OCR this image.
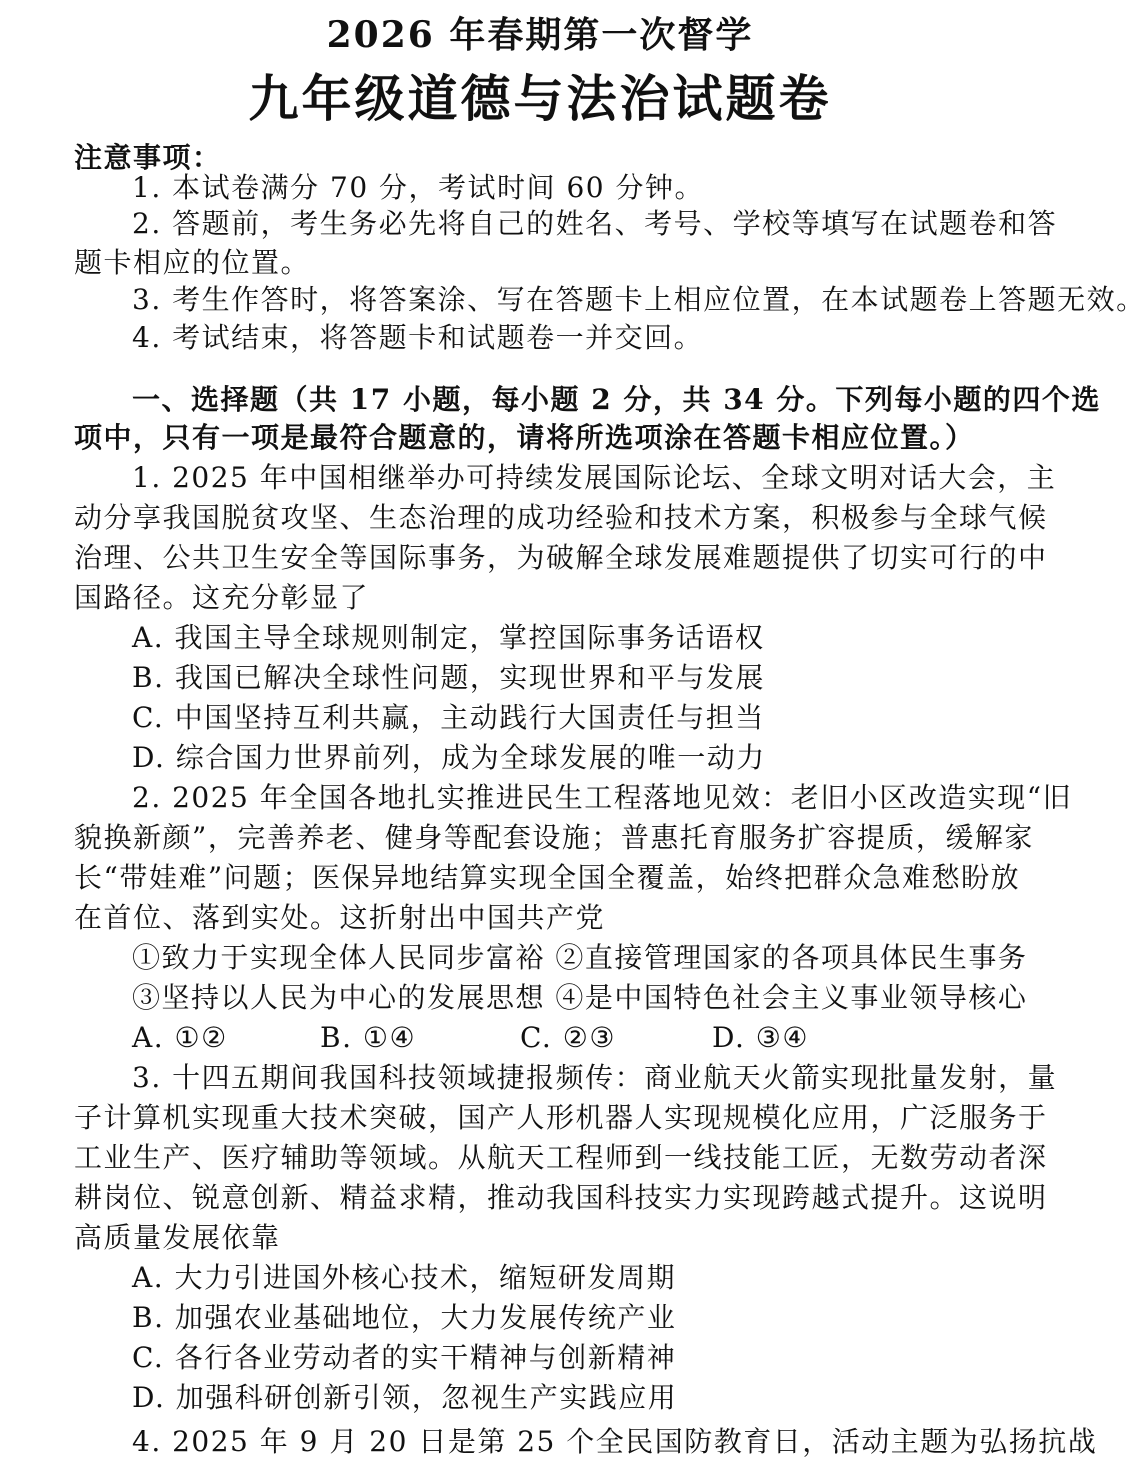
2026 年春期第一次督学
九年级道德与法治试题卷
注意事项：
1. 本试卷满分 70 分，考试时间 60 分钟。
2. 答题前，考生务必先将自己的姓名、考号、学校等填写在试题卷和答
题卡相应的位置。
3. 考生作答时，将答案涂、写在答题卡上相应位置，在本试题卷上答题无效。
4. 考试结束，将答题卡和试题卷一并交回。
一、选择题（共 17 小题，每小题 2 分，共 34 分。下列每小题的四个选
项中，只有一项是最符合题意的，请将所选项涂在答题卡相应位置。）
1. 2025 年中国相继举办可持续发展国际论坛、全球文明对话大会，主
动分享我国脱贫攻坚、生态治理的成功经验和技术方案，积极参与全球气候
治理、公共卫生安全等国际事务，为破解全球发展难题提供了切实可行的中
国路径。这充分彰显了
A. 我国主导全球规则制定，掌控国际事务话语权
B. 我国已解决全球性问题，实现世界和平与发展
C. 中国坚持互利共赢，主动践行大国责任与担当
D. 综合国力世界前列，成为全球发展的唯一动力
2. 2025 年全国各地扎实推进民生工程落地见效：老旧小区改造实现“旧
貌换新颜”，完善养老、健身等配套设施；普惠托育服务扩容提质，缓解家
长“带娃难”问题；医保异地结算实现全国全覆盖，始终把群众急难愁盼放
在首位、落到实处。这折射出中国共产党
①致力于实现全体人民同步富裕 ②直接管理国家的各项具体民生事务
③坚持以人民为中心的发展思想 ④是中国特色社会主义事业领导核心
A. ①②	B. ①④	C. ②③	D. ③④
3. 十四五期间我国科技领域捷报频传：商业航天火箭实现批量发射，量
子计算机实现重大技术突破，国产人形机器人实现规模化应用，广泛服务于
工业生产、医疗辅助等领域。从航天工程师到一线技能工匠，无数劳动者深
耕岗位、锐意创新、精益求精，推动我国科技实力实现跨越式提升。这说明
高质量发展依靠
A. 大力引进国外核心技术，缩短研发周期
B. 加强农业基础地位，大力发展传统产业
C. 各行各业劳动者的实干精神与创新精神
D. 加强科研创新引领，忽视生产实践应用
4. 2025 年 9 月 20 日是第 25 个全民国防教育日，活动主题为弘扬抗战
